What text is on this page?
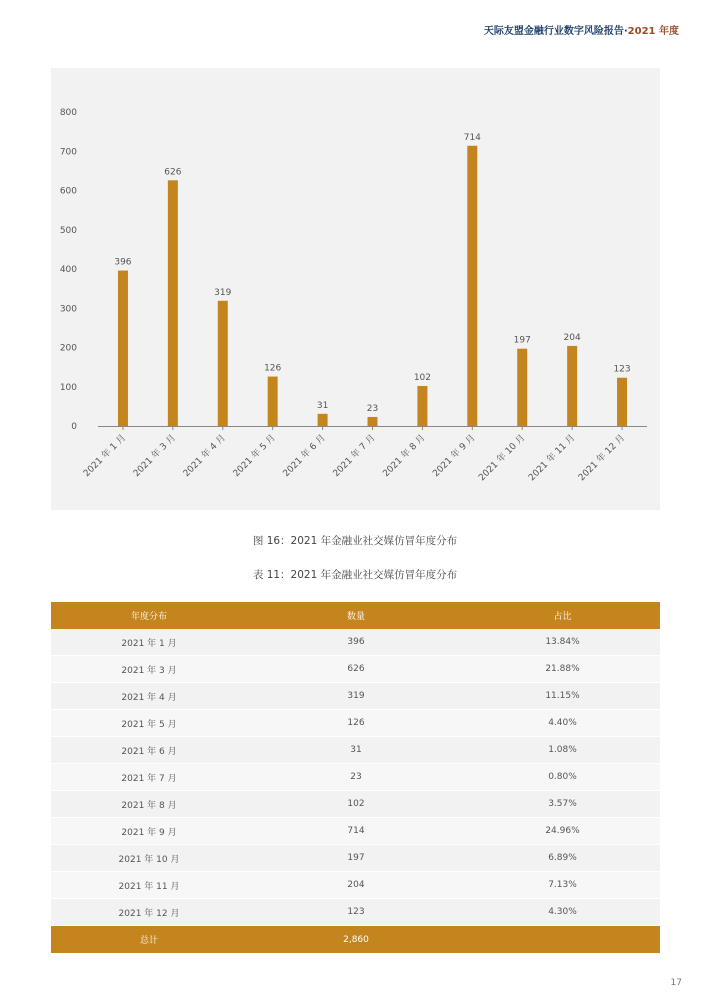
天际友盟金融行业数字风险报告·2021 年度
0
100
200
300
400
500
600
700
800
396
2021 年 1 月
626
2021 年 3 月
319
2021 年 4 月
126
2021 年 5 月
31
2021 年 6 月
23
2021 年 7 月
102
2021 年 8 月
714
2021 年 9 月
197
2021 年 10 月
204
2021 年 11 月
123
2021 年 12 月
图 16：2021 年金融业社交媒仿冒年度分布
表 11：2021 年金融业社交媒仿冒年度分布
年度分布	数量	占比
2021 年 1 月	396	13.84%
2021 年 3 月	626	21.88%
2021 年 4 月	319	11.15%
2021 年 5 月	126	4.40%
2021 年 6 月	31	1.08%
2021 年 7 月	23	0.80%
2021 年 8 月	102	3.57%
2021 年 9 月	714	24.96%
2021 年 10 月	197	6.89%
2021 年 11 月	204	7.13%
2021 年 12 月	123	4.30%
总计	2,860	
17
